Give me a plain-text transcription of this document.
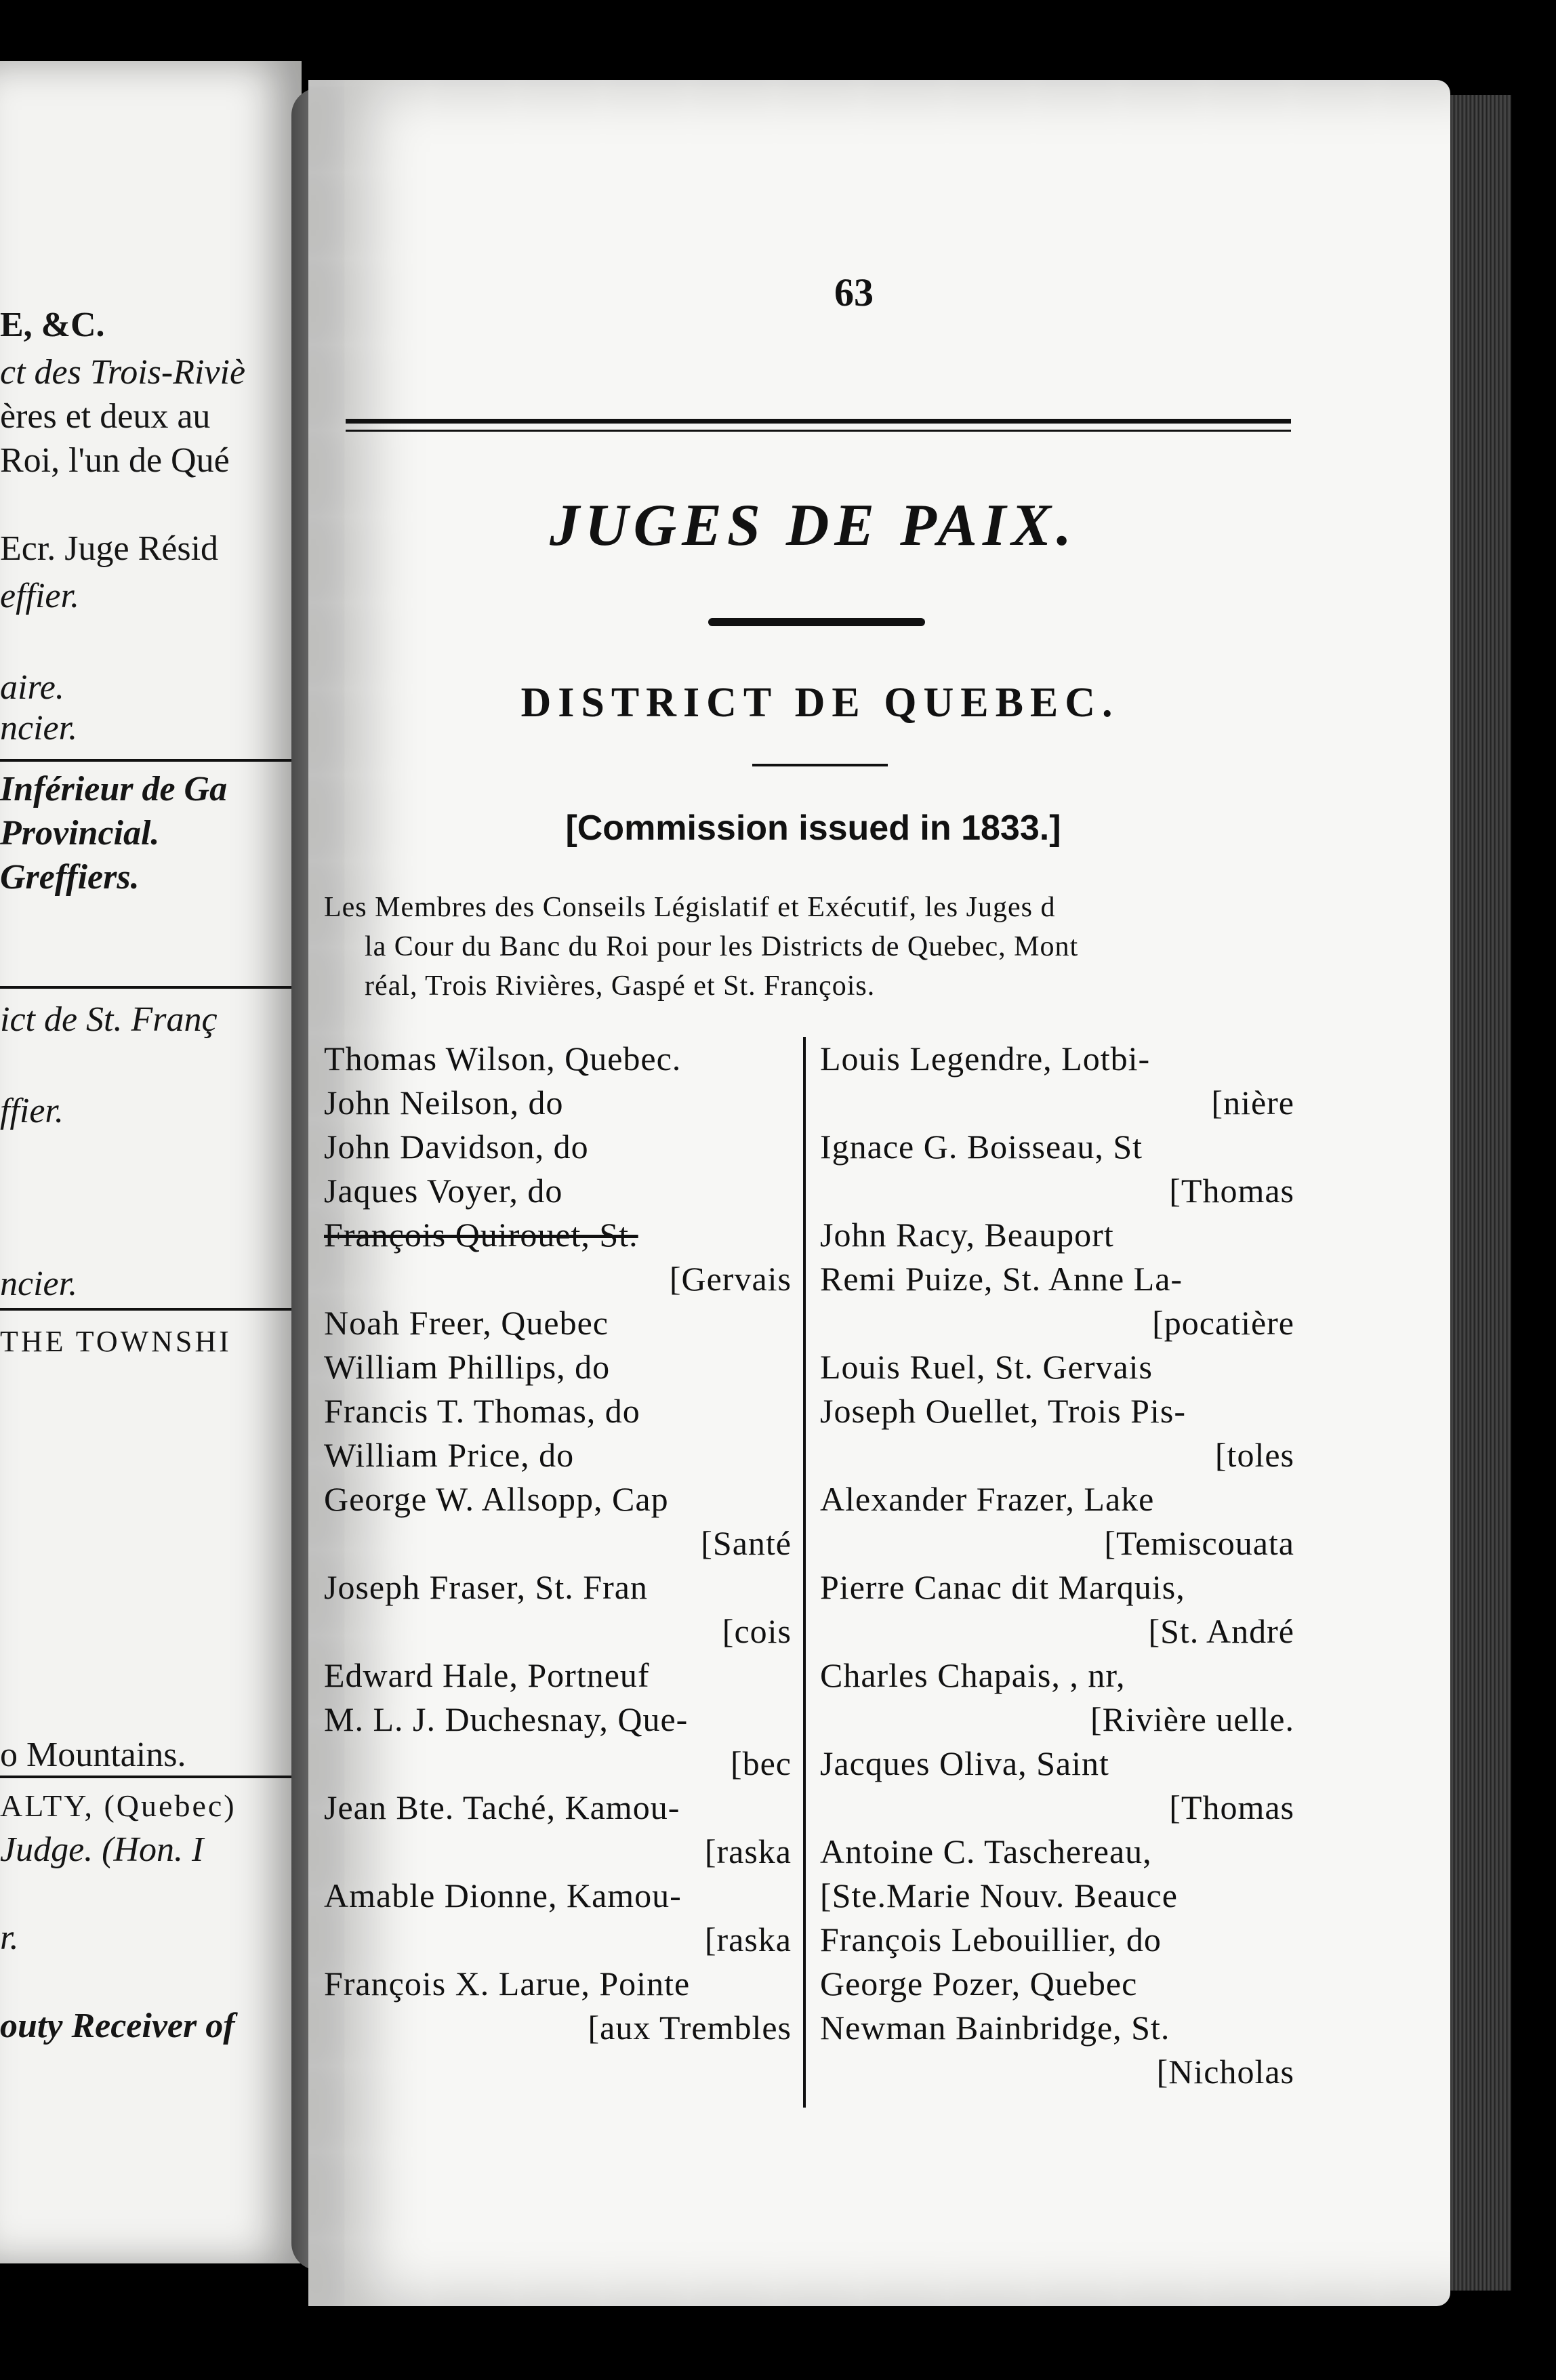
E, &C.
ct des Trois-Riviè
ères et deux au
Roi, l'un de Qué
Ecr. Juge Résid
effier.
aire.
ncier.
Inférieur de Ga
Provincial.
Greffiers.
ict de St. Franç
ffier.
ncier.
THE TOWNSHI
o Mountains.
ALTY, (Quebec)
Judge. (Hon. I
r.
outy Receiver of
63
JUGES DE PAIX.
DISTRICT DE QUEBEC.
[Commission issued in 1833.]
Les Membres des Conseils Législatif et Exécutif, les Juges d
la Cour du Banc du Roi pour les Districts de Quebec, Mont
réal, Trois Rivières, Gaspé et St. François.
Thomas Wilson, Quebec.
John Neilson, do
John Davidson, do
Jaques Voyer, do
François Quirouet, St.
[Gervais
Noah Freer, Quebec
William Phillips, do
Francis T. Thomas, do
William Price, do
George W. Allsopp, Cap
[Santé
Joseph Fraser, St. Fran
[cois
Edward Hale, Portneuf
M. L. J. Duchesnay, Que-
[bec
Jean Bte. Taché, Kamou-
[raska
Amable Dionne, Kamou-
[raska
François X. Larue, Pointe
[aux Trembles
Louis Legendre, Lotbi-
[nière
Ignace G. Boisseau, St
[Thomas
John Racy, Beauport
Remi Puize, St. Anne La-
[pocatière
Louis Ruel, St. Gervais
Joseph Ouellet, Trois Pis-
[toles
Alexander Frazer, Lake
[Temiscouata
Pierre Canac dit Marquis,
[St. André
Charles Chapais, , nr,
[Rivière uelle.
Jacques Oliva, Saint
[Thomas
Antoine C. Taschereau,
[Ste.Marie Nouv. Beauce
François Lebouillier, do
George Pozer, Quebec
Newman Bainbridge, St.
[Nicholas
